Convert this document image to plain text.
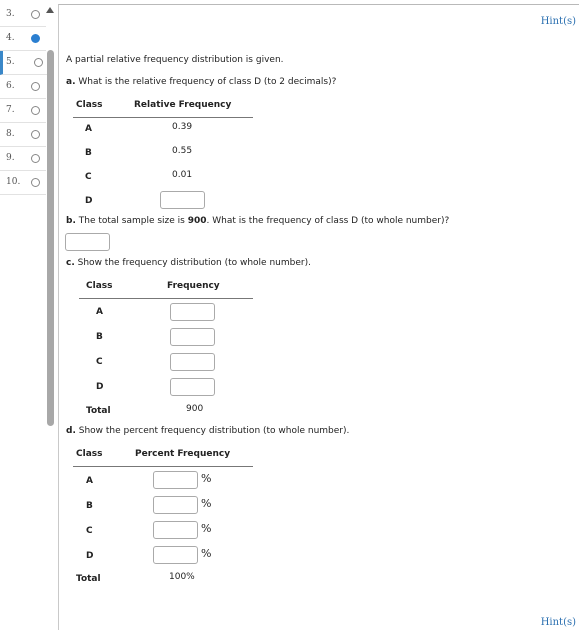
3.
4.
5.
6.
7.
8.
9.
10.
Hint(s)
A partial relative frequency distribution is given.
a. What is the relative frequency of class D (to 2 decimals)?
Class	Relative Frequency
A	0.39
B	0.55
C	0.01
D
b. The total sample size is 900. What is the frequency of class D (to whole number)?
c. Show the frequency distribution (to whole number).
Class	Frequency
A
B
C
D
Total	900
d. Show the percent frequency distribution (to whole number).
Class	Percent Frequency
A	%
B	%
C	%
D	%
Total	100%
Hint(s)
